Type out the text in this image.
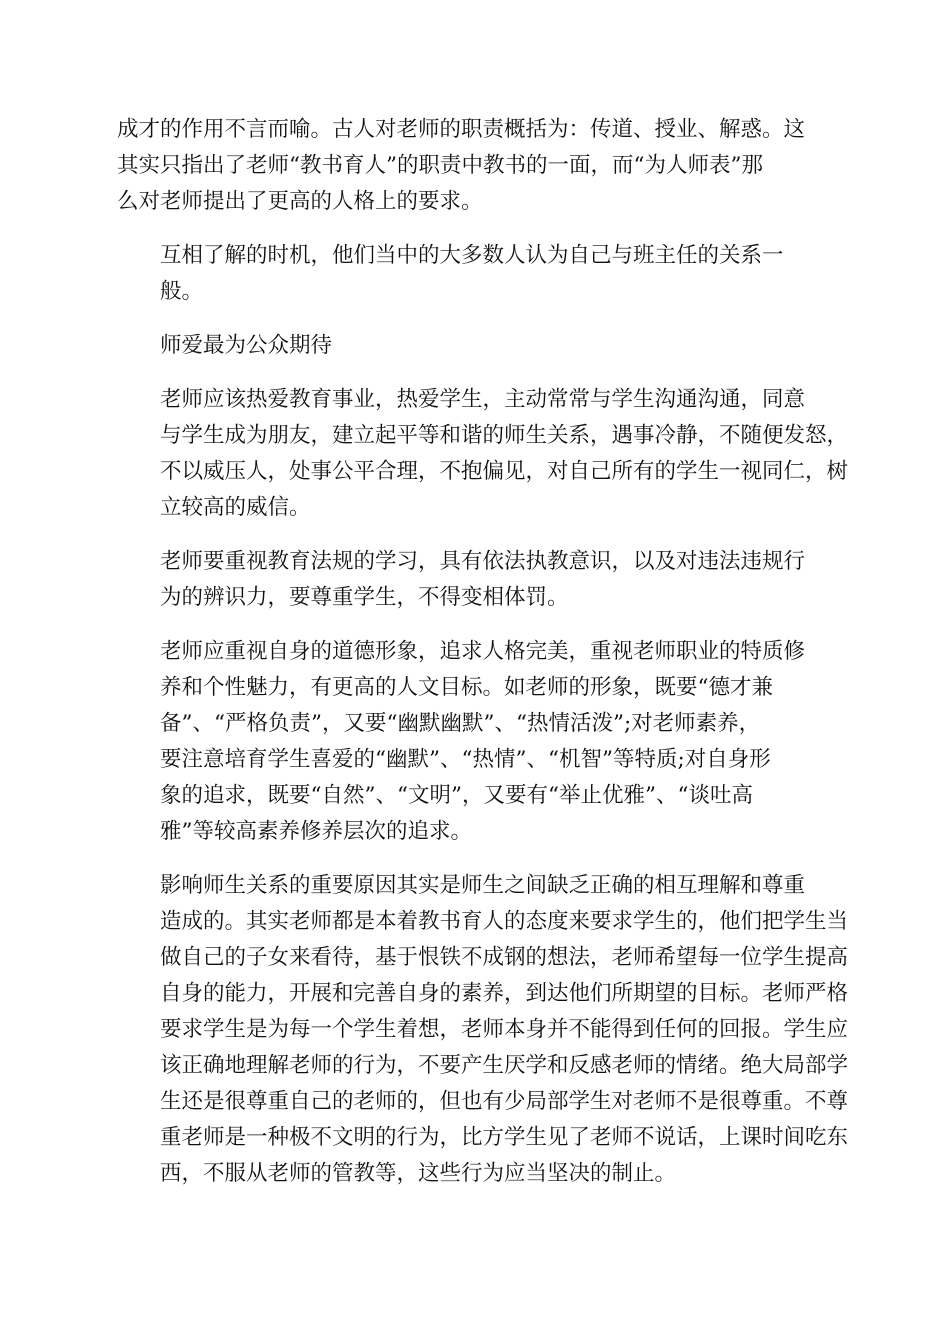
成才的作用不言而喻。古人对老师的职责概括为：传道、授业、解惑。这
其实只指出了老师“教书育人”的职责中教书的一面，而“为人师表”那
么对老师提出了更高的人格上的要求。

互相了解的时机，他们当中的大多数人认为自己与班主任的关系一
般。

师爱最为公众期待

老师应该热爱教育事业，热爱学生，主动常常与学生沟通沟通，同意
与学生成为朋友，建立起平等和谐的师生关系，遇事冷静，不随便发怒，
不以威压人，处事公平合理，不抱偏见，对自己所有的学生一视同仁，树
立较高的威信。

老师要重视教育法规的学习，具有依法执教意识，以及对违法违规行
为的辨识力，要尊重学生，不得变相体罚。

老师应重视自身的道德形象，追求人格完美，重视老师职业的特质修
养和个性魅力，有更高的人文目标。如老师的形象，既要“德才兼
备”、“严格负责”，又要“幽默幽默”、“热情活泼”;对老师素养，
要注意培育学生喜爱的“幽默”、“热情”、“机智”等特质;对自身形
象的追求，既要“自然”、“文明”，又要有“举止优雅”、“谈吐高
雅”等较高素养修养层次的追求。

影响师生关系的重要原因其实是师生之间缺乏正确的相互理解和尊重
造成的。其实老师都是本着教书育人的态度来要求学生的，他们把学生当
做自己的子女来看待，基于恨铁不成钢的想法，老师希望每一位学生提高
自身的能力，开展和完善自身的素养，到达他们所期望的目标。老师严格
要求学生是为每一个学生着想，老师本身并不能得到任何的回报。学生应
该正确地理解老师的行为，不要产生厌学和反感老师的情绪。绝大局部学
生还是很尊重自己的老师的，但也有少局部学生对老师不是很尊重。不尊
重老师是一种极不文明的行为，比方学生见了老师不说话，上课时间吃东
西，不服从老师的管教等，这些行为应当坚决的制止。
